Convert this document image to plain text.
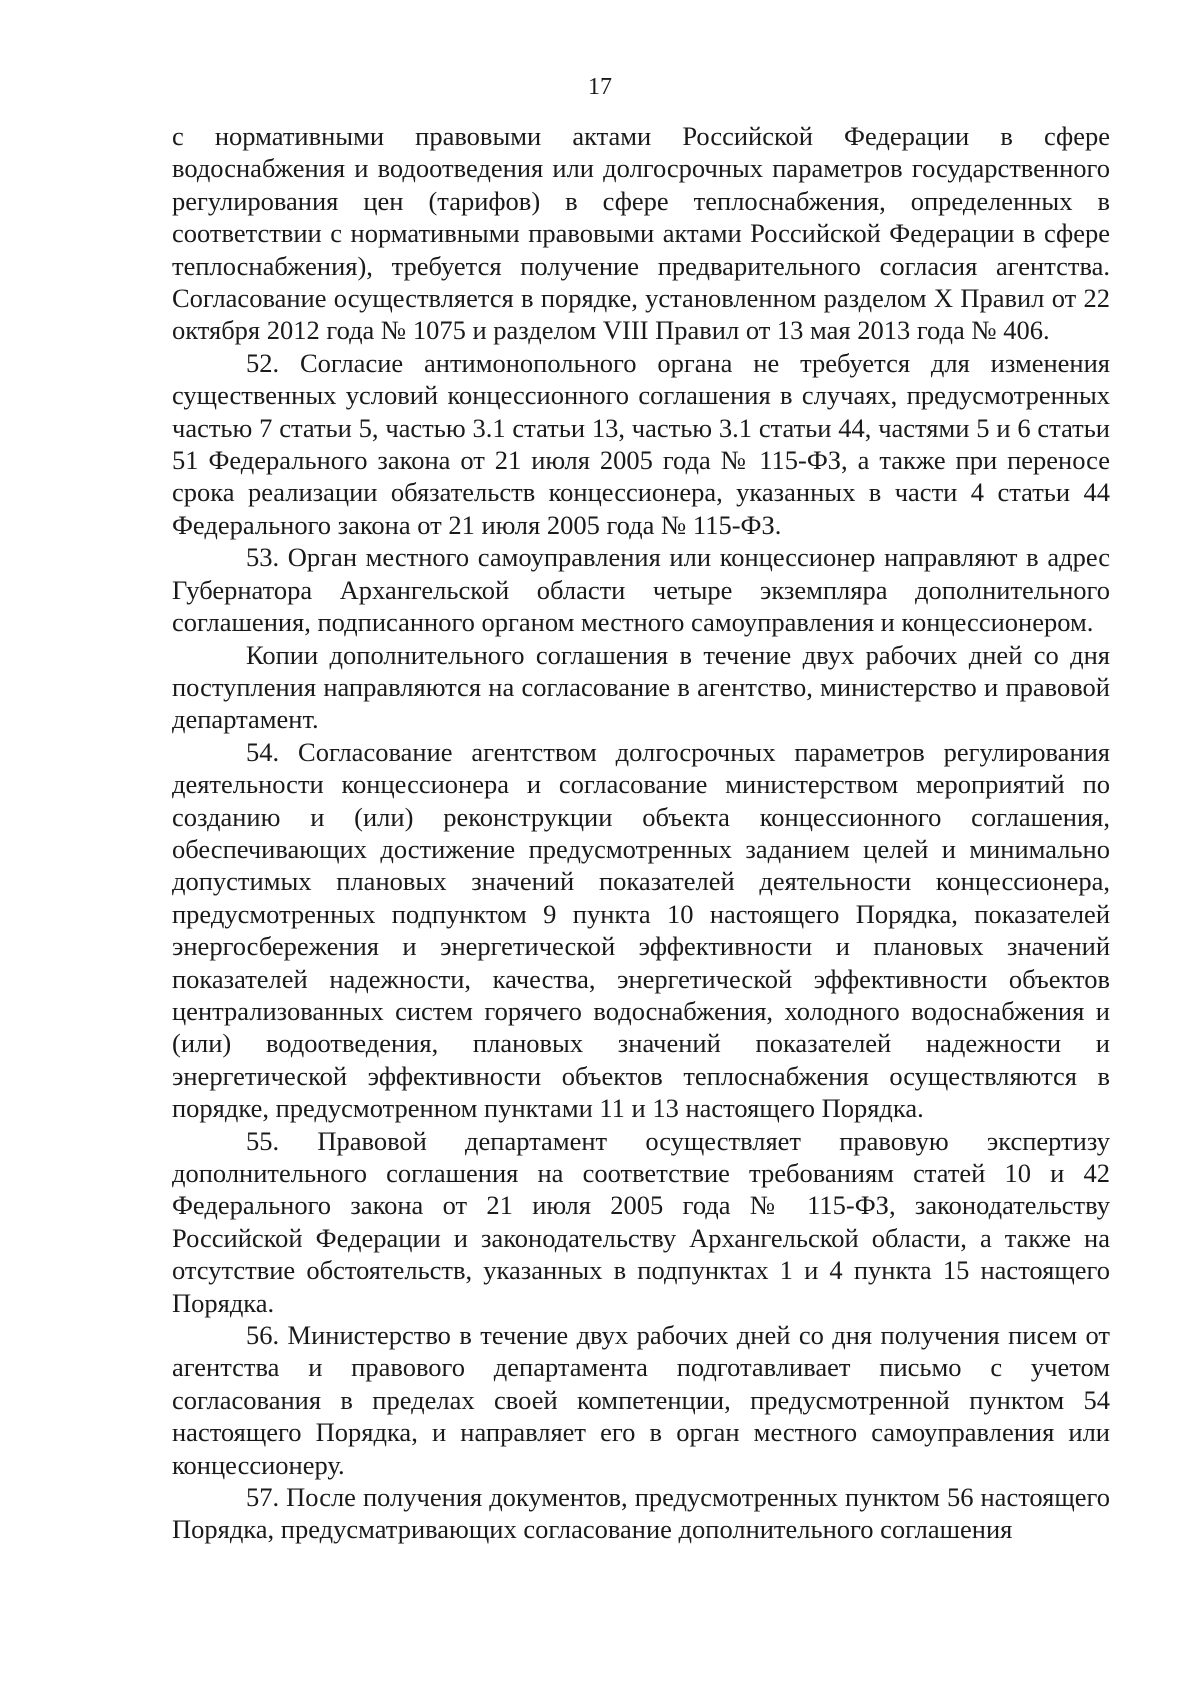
17

с нормативными правовыми актами Российской Федерации в сфере водоснабжения и водоотведения или долгосрочных параметров государственного регулирования цен (тарифов) в сфере теплоснабжения, определенных в соответствии с нормативными правовыми актами Российской Федерации в сфере теплоснабжения), требуется получение предварительного согласия агентства. Согласование осуществляется в порядке, установленном разделом X Правил от 22 октября 2012 года № 1075 и разделом VIII Правил от 13 мая 2013 года № 406.

52. Согласие антимонопольного органа не требуется для изменения существенных условий концессионного соглашения в случаях, предусмотренных частью 7 статьи 5, частью 3.1 статьи 13, частью 3.1 статьи 44, частями 5 и 6 статьи 51 Федерального закона от 21 июля 2005 года № 115-ФЗ, а также при переносе срока реализации обязательств концессионера, указанных в части 4 статьи 44 Федерального закона от 21 июля 2005 года № 115-ФЗ.

53. Орган местного самоуправления или концессионер направляют в адрес Губернатора Архангельской области четыре экземпляра дополнительного соглашения, подписанного органом местного самоуправления и концессионером.

Копии дополнительного соглашения в течение двух рабочих дней со дня поступления направляются на согласование в агентство, министерство и правовой департамент.

54. Согласование агентством долгосрочных параметров регулирования деятельности концессионера и согласование министерством мероприятий по созданию и (или) реконструкции объекта концессионного соглашения, обеспечивающих достижение предусмотренных заданием целей и минимально допустимых плановых значений показателей деятельности концессионера, предусмотренных подпунктом 9 пункта 10 настоящего Порядка, показателей энергосбережения и энергетической эффективности и плановых значений показателей надежности, качества, энергетической эффективности объектов централизованных систем горячего водоснабжения, холодного водоснабжения и (или) водоотведения, плановых значений показателей надежности и энергетической эффективности объектов теплоснабжения осуществляются в порядке, предусмотренном пунктами 11 и 13 настоящего Порядка.

55. Правовой департамент осуществляет правовую экспертизу дополнительного соглашения на соответствие требованиям статей 10 и 42 Федерального закона от 21 июля 2005 года № 115-ФЗ, законодательству Российской Федерации и законодательству Архангельской области, а также на отсутствие обстоятельств, указанных в подпунктах 1 и 4 пункта 15 настоящего Порядка.

56. Министерство в течение двух рабочих дней со дня получения писем от агентства и правового департамента подготавливает письмо с учетом согласования в пределах своей компетенции, предусмотренной пунктом 54 настоящего Порядка, и направляет его в орган местного самоуправления или концессионеру.

57. После получения документов, предусмотренных пунктом 56 настоящего Порядка, предусматривающих согласование дополнительного соглашения
